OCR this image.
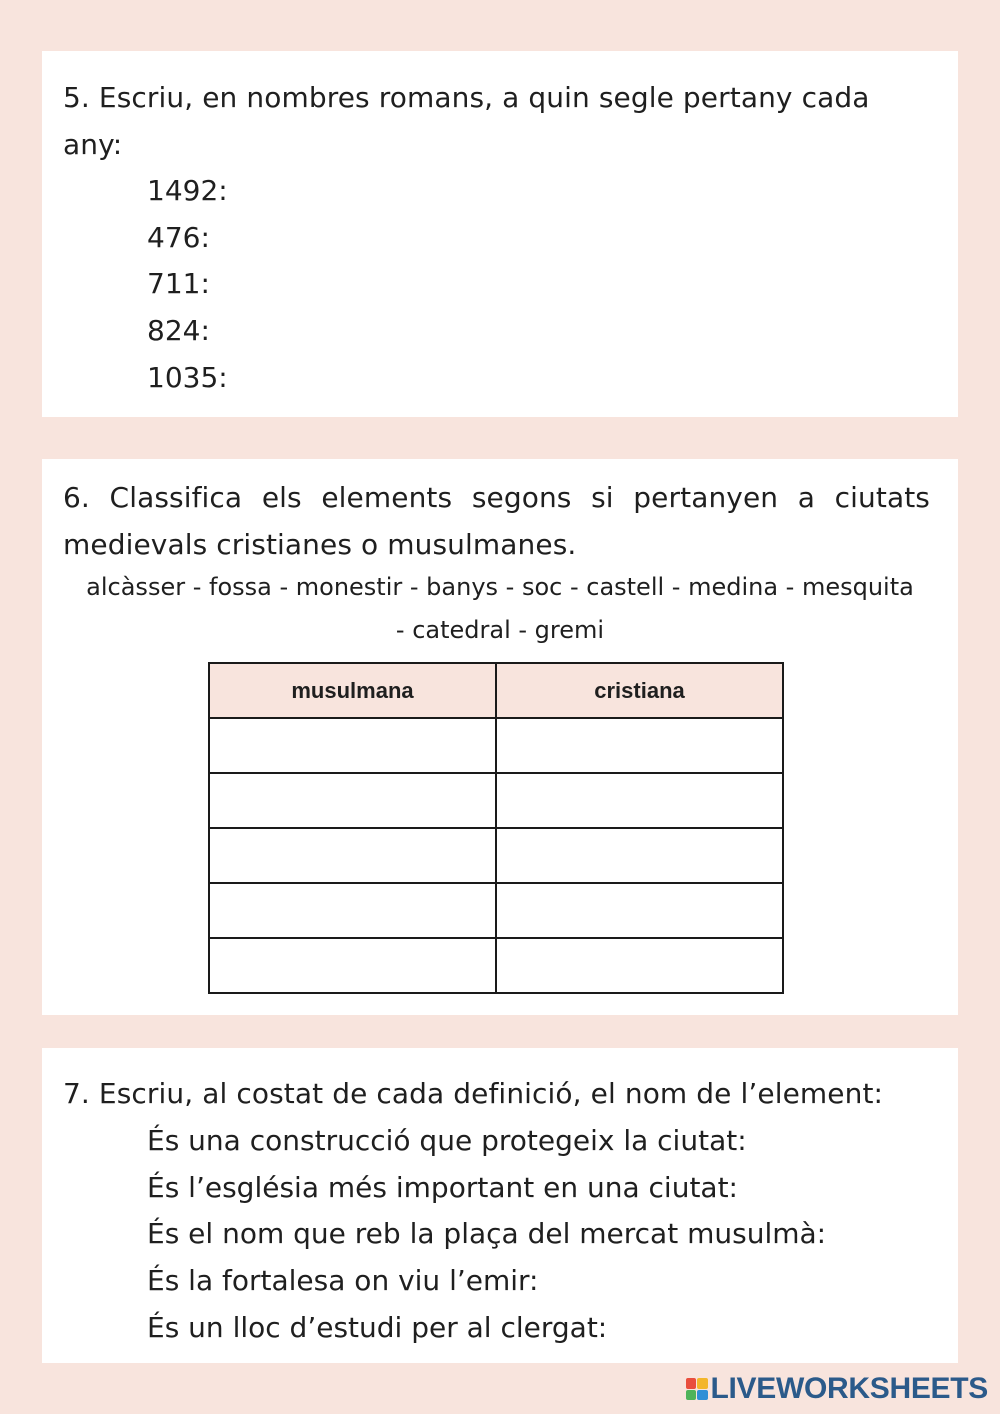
5. Escriu, en nombres romans, a quin segle pertany cada any:
1492:
476:
711:
824:
1035:
6. Classifica els elements segons si pertanyen a ciutats medievals cristianes o musulmanes.
alcàsser - fossa - monestir - banys - soc - castell - medina - mesquita - catedral - gremi
musulmana	cristiana

7. Escriu, al costat de cada definició, el nom de l’element:
És una construcció que protegeix la ciutat:
És l’església més important en una ciutat:
És el nom que reb la plaça del mercat musulmà:
És la fortalesa on viu l’emir:
És un lloc d’estudi per al clergat:
LIVEWORKSHEETS
